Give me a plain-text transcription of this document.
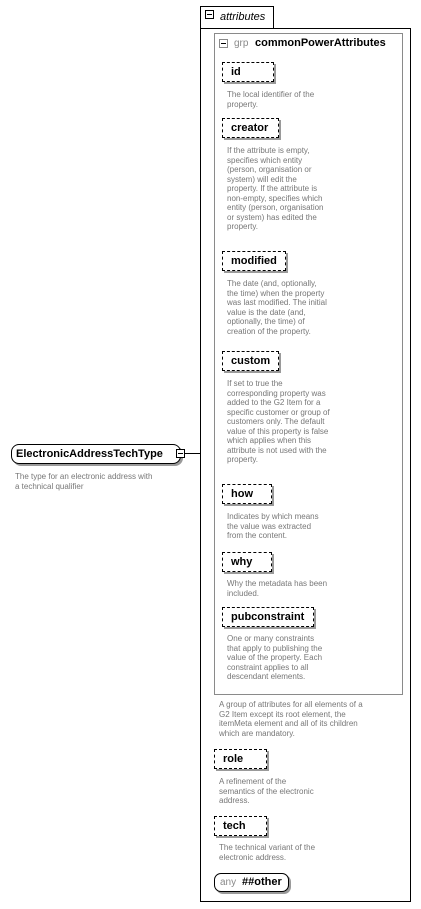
ElectronicAddressTechType
The type for an electronic address with
a technical qualifier
attributes
grp commonPowerAttributes
id
The local identifier of the
property.
creator
If the attribute is empty,
specifies which entity
(person, organisation or
system) will edit the
property. If the attribute is
non-empty, specifies which
entity (person, organisation
or system) has edited the
property.
modified
The date (and, optionally,
the time) when the property
was last modified. The initial
value is the date (and,
optionally, the time) of
creation of the property.
custom
If set to true the
corresponding property was
added to the G2 Item for a
specific customer or group of
customers only. The default
value of this property is false
which applies when this
attribute is not used with the
property.
how
Indicates by which means
the value was extracted
from the content.
why
Why the metadata has been
included.
pubconstraint
One or many constraints
that apply to publishing the
value of the property. Each
constraint applies to all
descendant elements.
A group of attributes for all elements of a
G2 Item except its root element, the
itemMeta element and all of its children
which are mandatory.
role
A refinement of the
semantics of the electronic
address.
tech
The technical variant of the
electronic address.
any ##other
